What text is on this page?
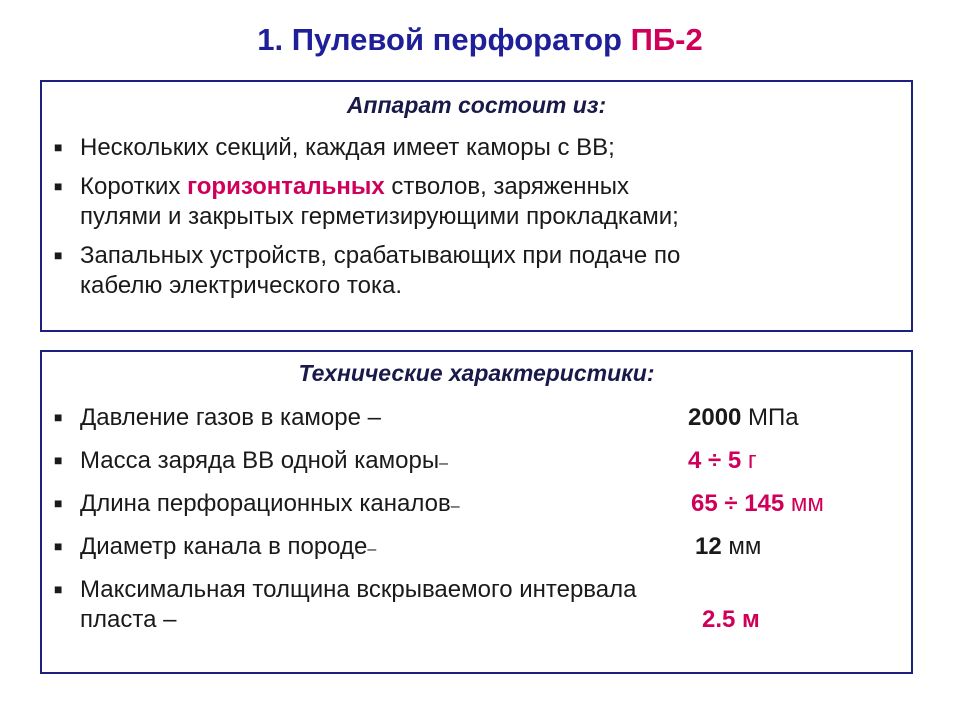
1. Пулевой перфоратор ПБ-2
Аппарат состоит из:
■ Нескольких секций, каждая имеет каморы с ВВ;
■ Коротких горизонтальных стволов, заряженных
пулями и закрытых герметизирующими прокладками;
■ Запальных устройств, срабатывающих при подаче по
кабелю электрического тока.
Технические характеристики:
■ Давление газов в каморе –	2000 МПа
■ Масса заряда ВВ одной каморы–	4 ÷ 5 г
■ Длина перфорационных каналов–	65 ÷ 145 мм
■ Диаметр канала в породе–	12 мм
■ Максимальная толщина вскрываемого интервала
пласта –	2.5 м
